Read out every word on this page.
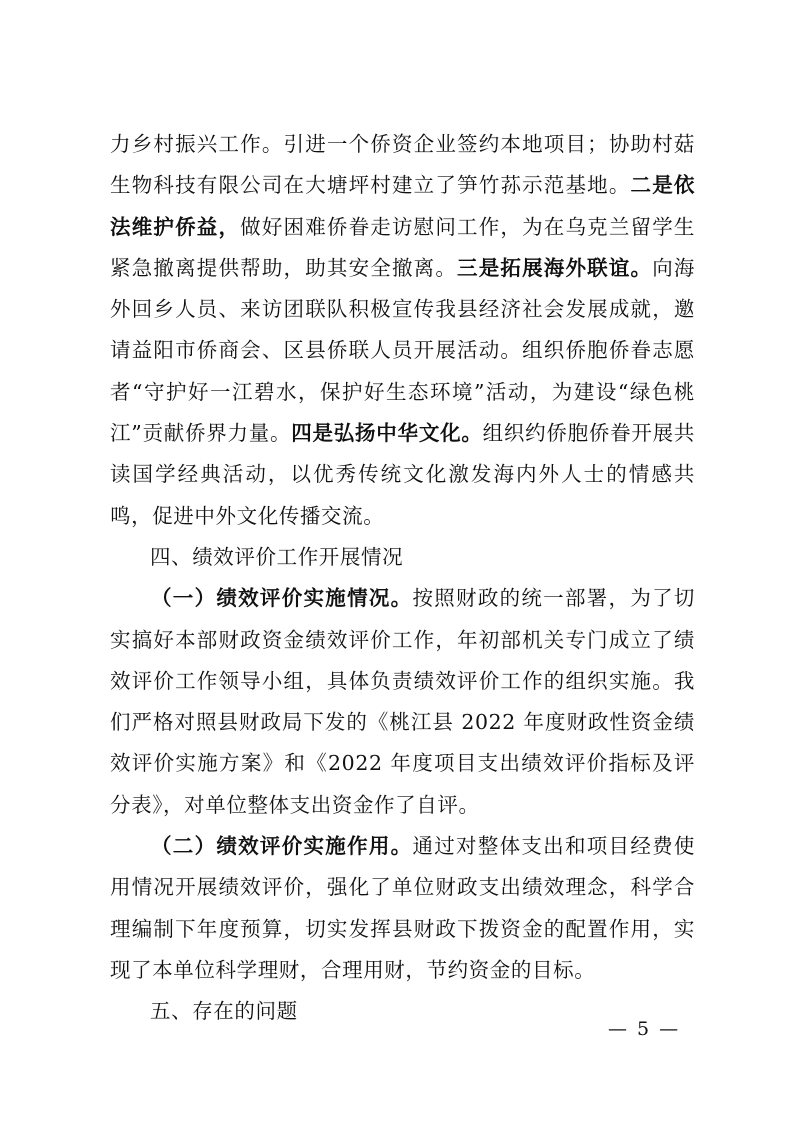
力乡村振兴工作。引进一个侨资企业签约本地项目；协助村菇生物科技有限公司在大塘坪村建立了笋竹荪示范基地。二是依法维护侨益，做好困难侨眷走访慰问工作，为在乌克兰留学生紧急撤离提供帮助，助其安全撤离。三是拓展海外联谊。向海外回乡人员、来访团联队积极宣传我县经济社会发展成就，邀请益阳市侨商会、区县侨联人员开展活动。组织侨胞侨眷志愿者“守护好一江碧水，保护好生态环境”活动，为建设“绿色桃江”贡献侨界力量。四是弘扬中华文化。组织约侨胞侨眷开展共读国学经典活动，以优秀传统文化激发海内外人士的情感共鸣，促进中外文化传播交流。

四、绩效评价工作开展情况

（一）绩效评价实施情况。按照财政的统一部署，为了切实搞好本部财政资金绩效评价工作，年初部机关专门成立了绩效评价工作领导小组，具体负责绩效评价工作的组织实施。我们严格对照县财政局下发的《桃江县 2022 年度财政性资金绩效评价实施方案》和《2022 年度项目支出绩效评价指标及评分表》，对单位整体支出资金作了自评。

（二）绩效评价实施作用。通过对整体支出和项目经费使用情况开展绩效评价，强化了单位财政支出绩效理念，科学合理编制下年度预算，切实发挥县财政下拨资金的配置作用，实现了本单位科学理财，合理用财，节约资金的目标。

五、存在的问题

— 5 —
